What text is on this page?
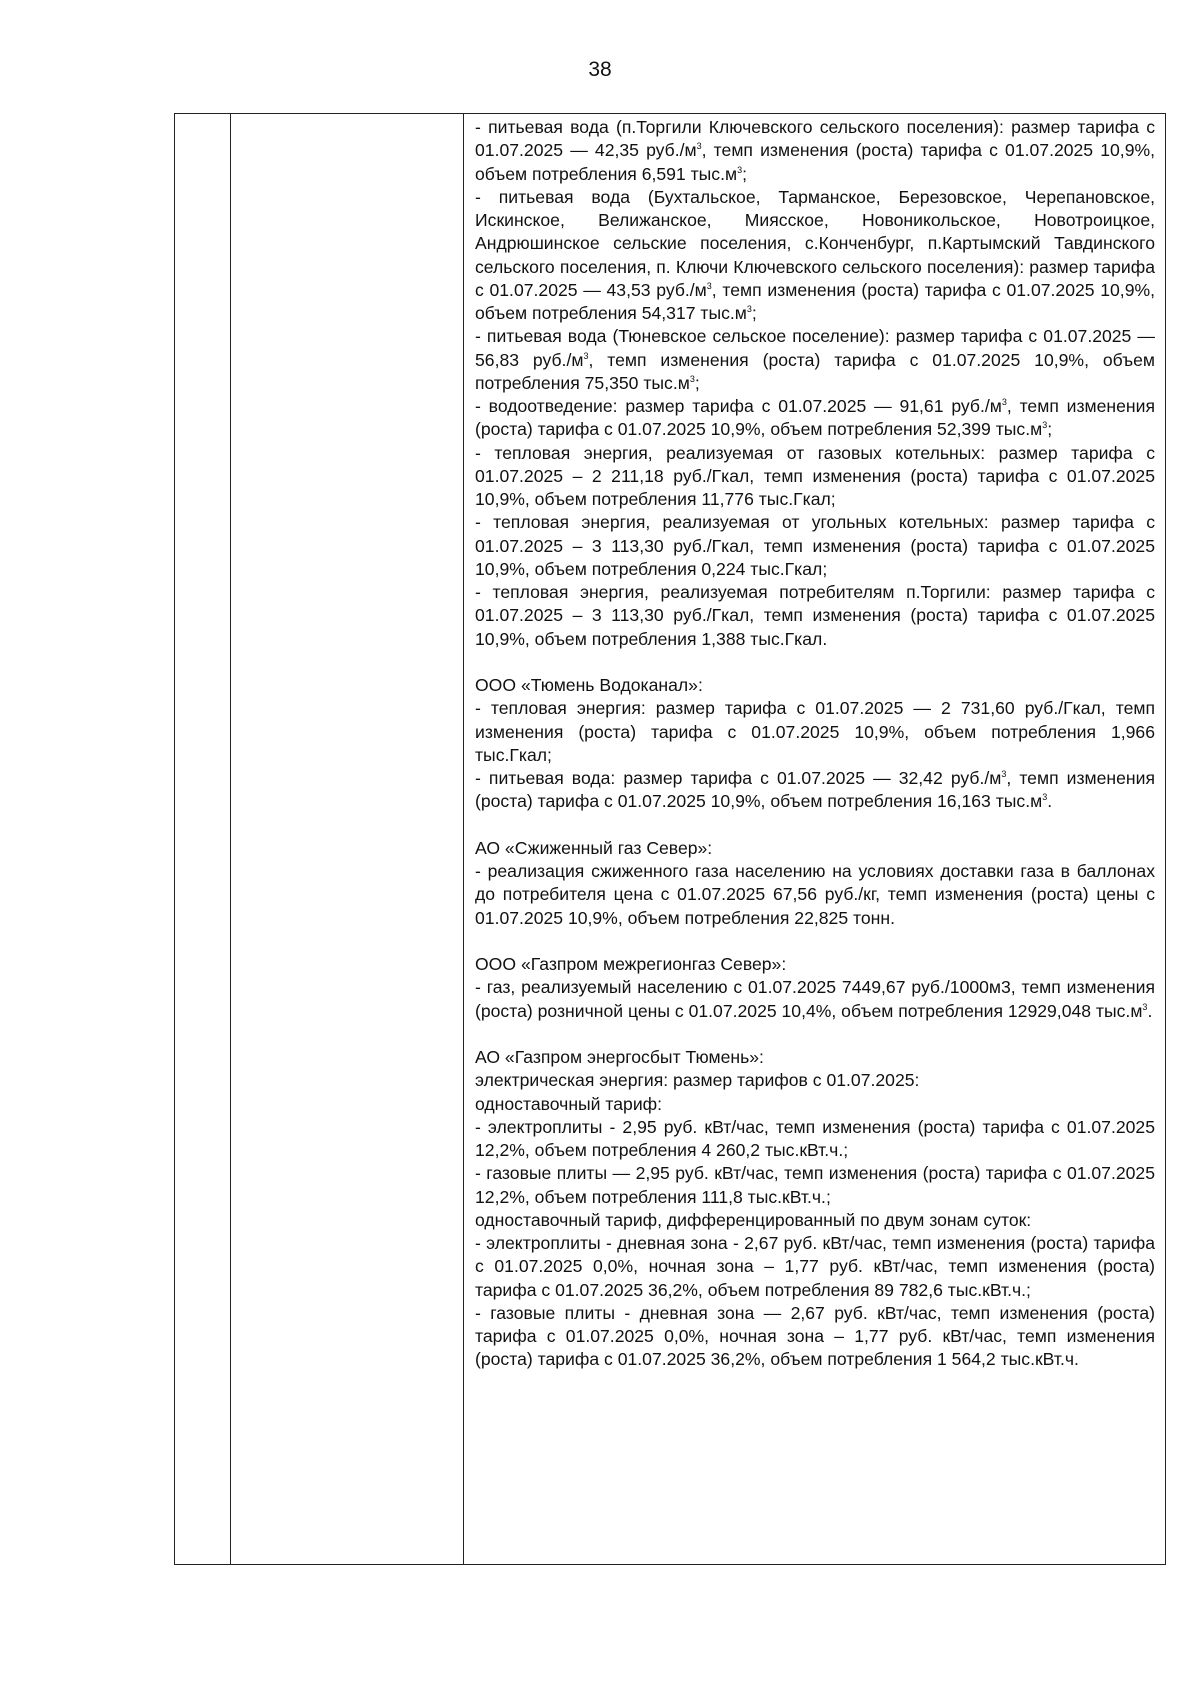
38

- питьевая вода (п.Торгили Ключевского сельского поселения): размер тарифа с 01.07.2025 — 42,35 $руб./м^3$, темп изменения (роста) тарифа с 01.07.2025 10,9%, объем потребления 6,591 $тыс.м^3$;

- питьевая вода (Бухтальское, Тарманское, Березовское, Черепановское, Искинское, Велижанское, Миясское, Новоникольское, Новотроицкое, Андрюшинское сельские поселения, с.Конченбург, п.Картымский Тавдинского сельского поселения, п. Ключи Ключевского сельского поселения): размер тарифа с 01.07.2025 — 43,53 $руб./м^3$, темп изменения (роста) тарифа с 01.07.2025 10,9%, объем потребления 54,317 $тыс.м^3$;

- питьевая вода (Тюневское сельское поселение): размер тарифа с 01.07.2025 — 56,83 $руб./м^3$, темп изменения (роста) тарифа с 01.07.2025 10,9%, объем потребления 75,350 $тыс.м^3$;

- водоотведение: размер тарифа с 01.07.2025 — 91,61 $руб./м^3$, темп изменения (роста) тарифа с 01.07.2025 10,9%, объем потребления 52,399 $тыс.м^3$;

- тепловая энергия, реализуемая от газовых котельных: размер тарифа с 01.07.2025 – 2 211,18 руб./Гкал, темп изменения (роста) тарифа с 01.07.2025 10,9%, объем потребления 11,776 тыс.Гкал;

- тепловая энергия, реализуемая от угольных котельных: размер тарифа с 01.07.2025 – 3 113,30 руб./Гкал, темп изменения (роста) тарифа с 01.07.2025 10,9%, объем потребления 0,224 тыс.Гкал;

- тепловая энергия, реализуемая потребителям п.Торгили: размер тарифа с 01.07.2025 – 3 113,30 руб./Гкал, темп изменения (роста) тарифа с 01.07.2025 10,9%, объем потребления 1,388 тыс.Гкал.

ООО «Тюмень Водоканал»:

- тепловая энергия: размер тарифа с 01.07.2025 — 2 731,60 руб./Гкал, темп изменения (роста) тарифа с 01.07.2025 10,9%, объем потребления 1,966 тыс.Гкал;

- питьевая вода: размер тарифа с 01.07.2025 — 32,42 $руб./м^3$, темп изменения (роста) тарифа с 01.07.2025 10,9%, объем потребления 16,163 $тыс.м^3$.

АО «Сжиженный газ Север»:

- реализация сжиженного газа населению на условиях доставки газа в баллонах до потребителя цена с 01.07.2025 67,56 руб./кг, темп изменения (роста) цены с 01.07.2025 10,9%, объем потребления 22,825 тонн.

ООО «Газпром межрегионгаз Север»:

- газ, реализуемый населению с 01.07.2025 7449,67 руб./1000м3, темп изменения (роста) розничной цены с 01.07.2025 10,4%, объем потребления 12929,048 $тыс.м^3$.

АО «Газпром энергосбыт Тюмень»:

электрическая энергия: размер тарифов с 01.07.2025:

одноставочный тариф:

- электроплиты - 2,95 руб. кВт/час, темп изменения (роста) тарифа с 01.07.2025 12,2%, объем потребления 4 260,2 тыс.кВт.ч.;

- газовые плиты — 2,95 руб. кВт/час, темп изменения (роста) тарифа с 01.07.2025 12,2%, объем потребления 111,8 тыс.кВт.ч.;

одноставочный тариф, дифференцированный по двум зонам суток:

- электроплиты - дневная зона - 2,67 руб. кВт/час, темп изменения (роста) тарифа с 01.07.2025 0,0%, ночная зона – 1,77 руб. кВт/час, темп изменения (роста) тарифа с 01.07.2025 36,2%, объем потребления 89 782,6 тыс.кВт.ч.;

- газовые плиты - дневная зона — 2,67 руб. кВт/час, темп изменения (роста) тарифа с 01.07.2025 0,0%, ночная зона – 1,77 руб. кВт/час, темп изменения (роста) тарифа с 01.07.2025 36,2%, объем потребления 1 564,2 тыс.кВт.ч.
